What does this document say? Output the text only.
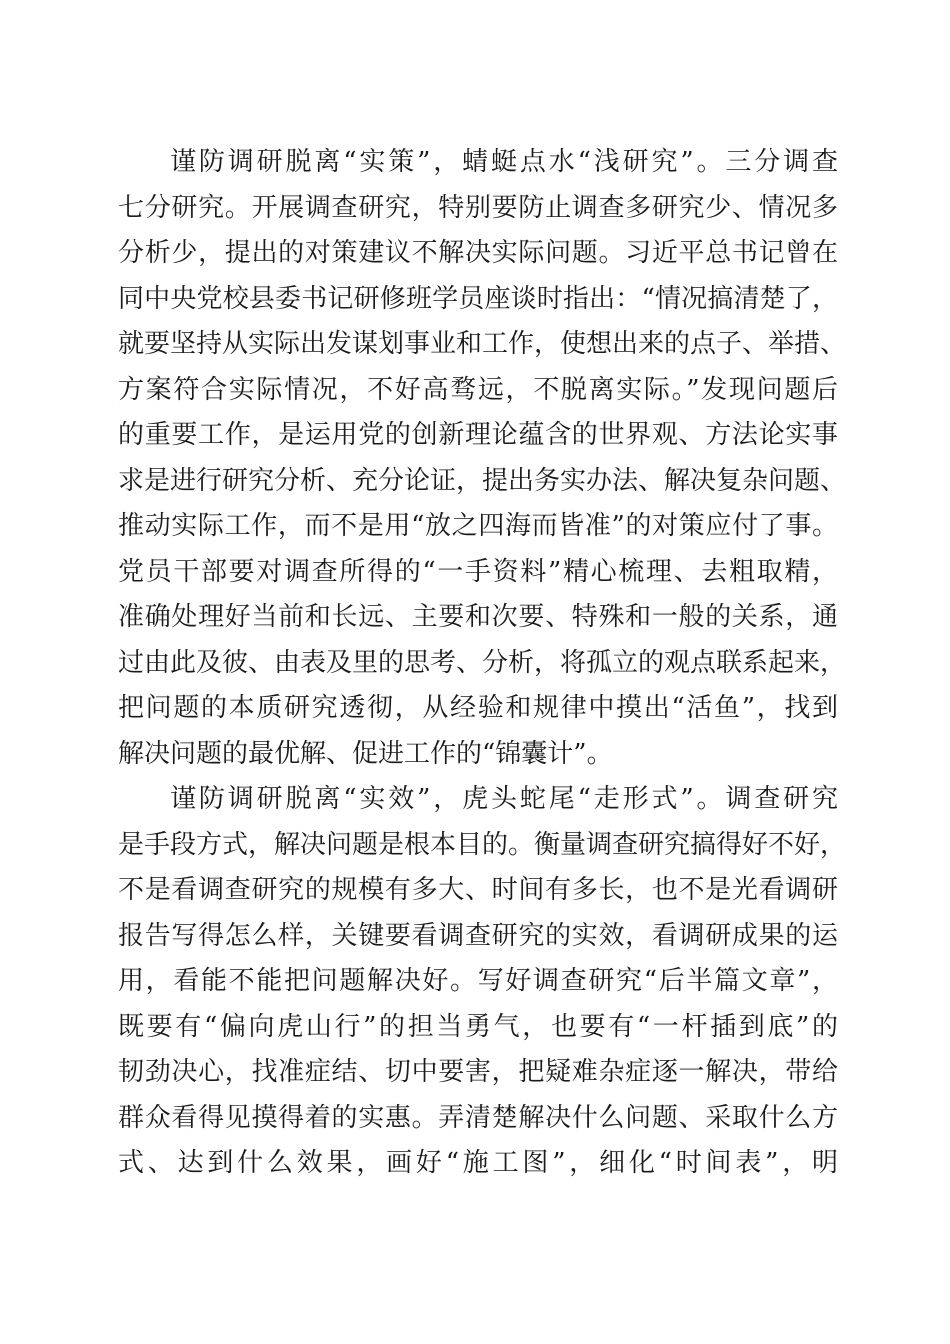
谨防调研脱离“实策”，蜻蜓点水“浅研究”。三分调查
七分研究。开展调查研究，特别要防止调查多研究少、情况多
分析少，提出的对策建议不解决实际问题。习近平总书记曾在
同中央党校县委书记研修班学员座谈时指出：“情况搞清楚了，
就要坚持从实际出发谋划事业和工作，使想出来的点子、举措、
方案符合实际情况，不好高骛远，不脱离实际。”发现问题后
的重要工作，是运用党的创新理论蕴含的世界观、方法论实事
求是进行研究分析、充分论证，提出务实办法、解决复杂问题、
推动实际工作，而不是用“放之四海而皆准”的对策应付了事。
党员干部要对调查所得的“一手资料”精心梳理、去粗取精，
准确处理好当前和长远、主要和次要、特殊和一般的关系，通
过由此及彼、由表及里的思考、分析，将孤立的观点联系起来，
把问题的本质研究透彻，从经验和规律中摸出“活鱼”，找到
解决问题的最优解、促进工作的“锦囊计”。
谨防调研脱离“实效”，虎头蛇尾“走形式”。调查研究
是手段方式，解决问题是根本目的。衡量调查研究搞得好不好，
不是看调查研究的规模有多大、时间有多长，也不是光看调研
报告写得怎么样，关键要看调查研究的实效，看调研成果的运
用，看能不能把问题解决好。写好调查研究“后半篇文章”，
既要有“偏向虎山行”的担当勇气，也要有“一杆插到底”的
韧劲决心，找准症结、切中要害，把疑难杂症逐一解决，带给
群众看得见摸得着的实惠。弄清楚解决什么问题、采取什么方
式、达到什么效果，画好“施工图”，细化“时间表”，明
